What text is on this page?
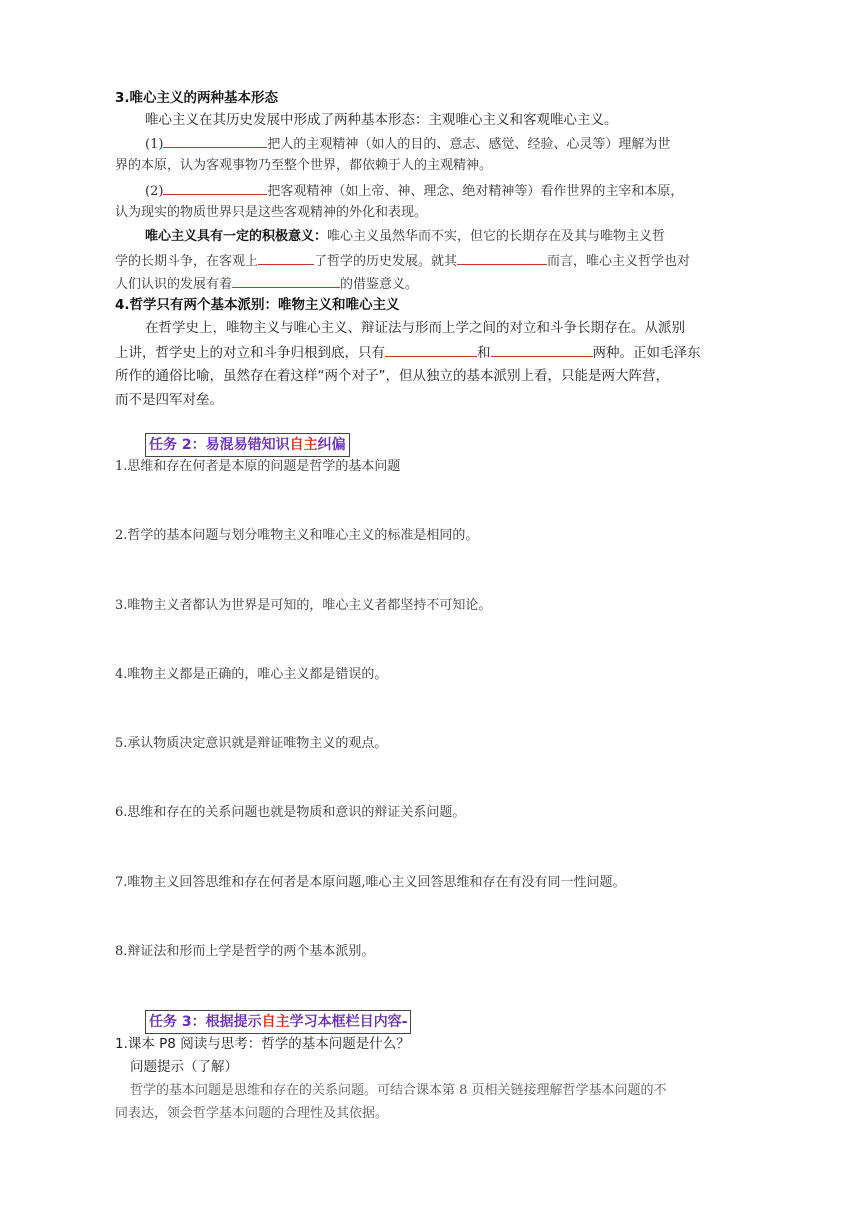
3.唯心主义的两种基本形态
唯心主义在其历史发展中形成了两种基本形态：主观唯心主义和客观唯心主义。
(1)	把人的主观精神（如人的目的、意志、感觉、经验、心灵等）理解为世
界的本原，认为客观事物乃至整个世界，都依赖于人的主观精神。
(2)	把客观精神（如上帝、神、理念、绝对精神等）看作世界的主宰和本原，
认为现实的物质世界只是这些客观精神的外化和表现。
唯心主义具有一定的积极意义：唯心主义虽然华而不实，但它的长期存在及其与唯物主义哲
学的长期斗争，在客观上	了哲学的历史发展。就其	而言，唯心主义哲学也对
人们认识的发展有着	的借鉴意义。
4.哲学只有两个基本派别：唯物主义和唯心主义
在哲学史上，唯物主义与唯心主义、辩证法与形而上学之间的对立和斗争长期存在。从派别
上讲，哲学史上的对立和斗争归根到底，只有	和	两种。正如毛泽东
所作的通俗比喻，虽然存在着这样“两个对子”，但从独立的基本派别上看，只能是两大阵营，
而不是四军对垒。
任务 2：易混易错知识自主纠偏
1.思维和存在何者是本原的问题是哲学的基本问题
2.哲学的基本问题与划分唯物主义和唯心主义的标准是相同的。
3.唯物主义者都认为世界是可知的，唯心主义者都坚持不可知论。
4.唯物主义都是正确的，唯心主义都是错误的。
5.承认物质决定意识就是辩证唯物主义的观点。
6.思维和存在的关系问题也就是物质和意识的辩证关系问题。
7.唯物主义回答思维和存在何者是本原问题,唯心主义回答思维和存在有没有同一性问题。
8.辩证法和形而上学是哲学的两个基本派别。
任务 3：根据提示自主学习本框栏目内容-
1.课本 P8 阅读与思考：哲学的基本问题是什么？
问题提示（了解）
哲学的基本问题是思维和存在的关系问题。可结合课本第 8 页相关链接理解哲学基本问题的不
同表达，领会哲学基本问题的合理性及其依据。
